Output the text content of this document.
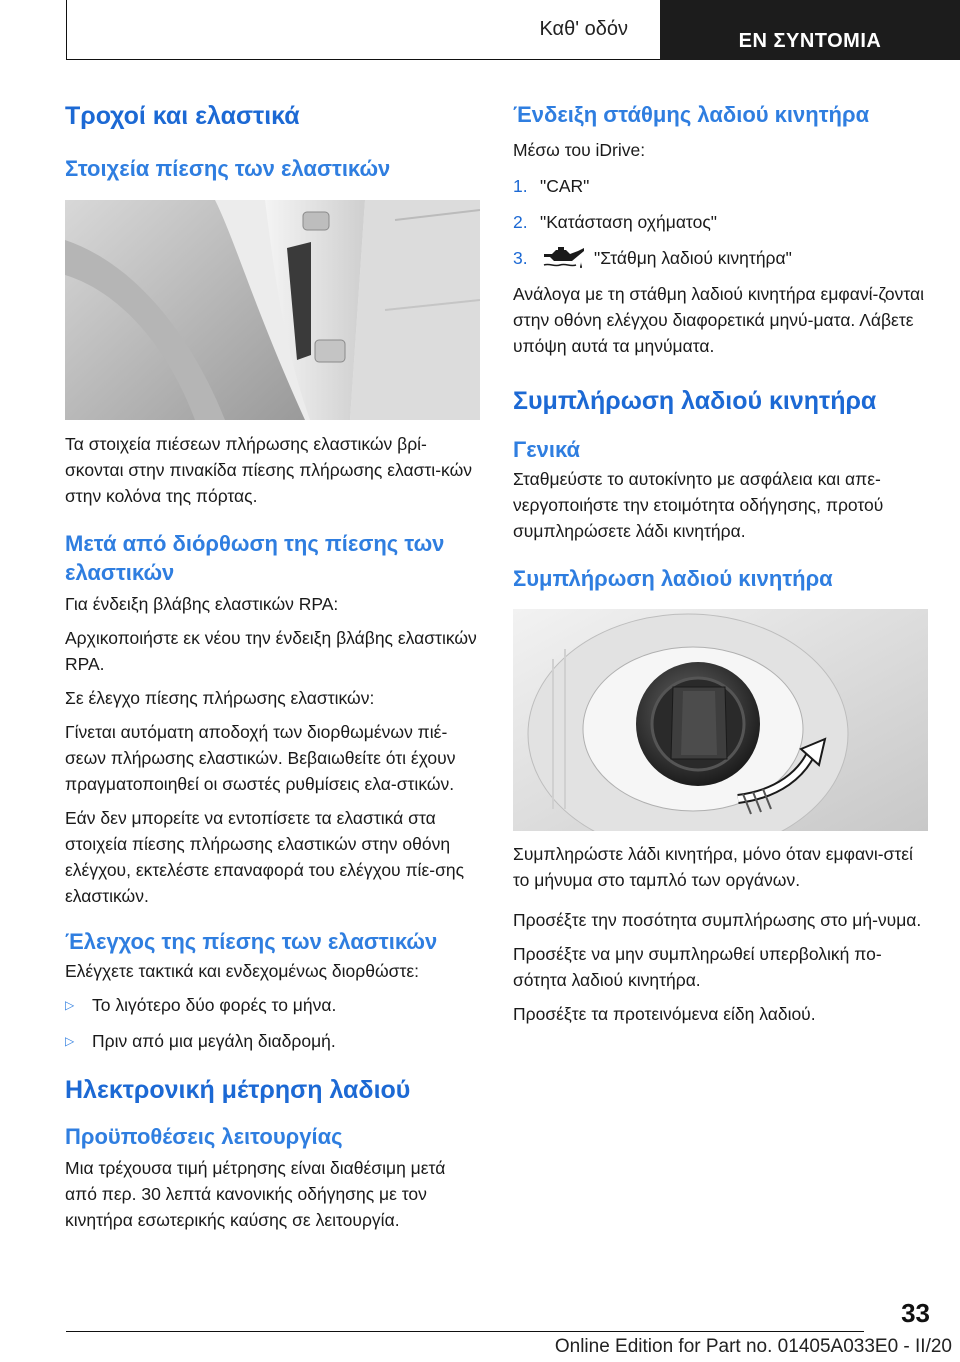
Καθ' οδόν
ΕΝ ΣΥΝΤΟΜΙΑ
Τροχοί και ελαστικά
Στοιχεία πίεσης των ελαστικών

Τα στοιχεία πιέσεων πλήρωσης ελαστικών βρί-σκονται στην πινακίδα πίεσης πλήρωσης ελαστι-κών στην κολόνα της πόρτας.

Μετά από διόρθωση της πίεσης των ελαστικών

Για ένδειξη βλάβης ελαστικών RPA:

Αρχικοποιήστε εκ νέου την ένδειξη βλάβης ελαστικών RPA.

Σε έλεγχο πίεσης πλήρωσης ελαστικών:

Γίνεται αυτόματη αποδοχή των διορθωμένων πιέ-σεων πλήρωσης ελαστικών. Βεβαιωθείτε ότι έχουν πραγματοποιηθεί οι σωστές ρυθμίσεις ελα-στικών.

Εάν δεν μπορείτε να εντοπίσετε τα ελαστικά στα στοιχεία πίεσης πλήρωσης ελαστικών στην οθόνη ελέγχου, εκτελέστε επαναφορά του ελέγχου πίε-σης ελαστικών.

Έλεγχος της πίεσης των ελαστικών

Ελέγχετε τακτικά και ενδεχομένως διορθώστε:

▷	Το λιγότερο δύο φορές το μήνα.
▷	Πριν από μια μεγάλη διαδρομή.
Ηλεκτρονική μέτρηση λαδιού
Προϋποθέσεις λειτουργίας

Μια τρέχουσα τιμή μέτρησης είναι διαθέσιμη μετά από περ. 30 λεπτά κανονικής οδήγησης με τον κινητήρα εσωτερικής καύσης σε λειτουργία.

Ένδειξη στάθμης λαδιού κινητήρα

Μέσω του iDrive:

1. "CAR"
2. "Κατάσταση οχήματος"
3.	"Στάθμη λαδιού κινητήρα"

Ανάλογα με τη στάθμη λαδιού κινητήρα εμφανί-ζονται στην οθόνη ελέγχου διαφορετικά μηνύ-ματα. Λάβετε υπόψη αυτά τα μηνύματα.

Συμπλήρωση λαδιού κινητήρα
Γενικά

Σταθμεύστε το αυτοκίνητο με ασφάλεια και απε-νεργοποιήστε την ετοιμότητα οδήγησης, προτού συμπληρώσετε λάδι κινητήρα.

Συμπλήρωση λαδιού κινητήρα

Συμπληρώστε λάδι κινητήρα, μόνο όταν εμφανι-στεί το μήνυμα στο ταμπλό των οργάνων.

Προσέξτε την ποσότητα συμπλήρωσης στο μή-νυμα.

Προσέξτε να μην συμπληρωθεί υπερβολική πο-σότητα λαδιού κινητήρα.

Προσέξτε τα προτεινόμενα είδη λαδιού.

33
Online Edition for Part no. 01405A033E0 - II/20
